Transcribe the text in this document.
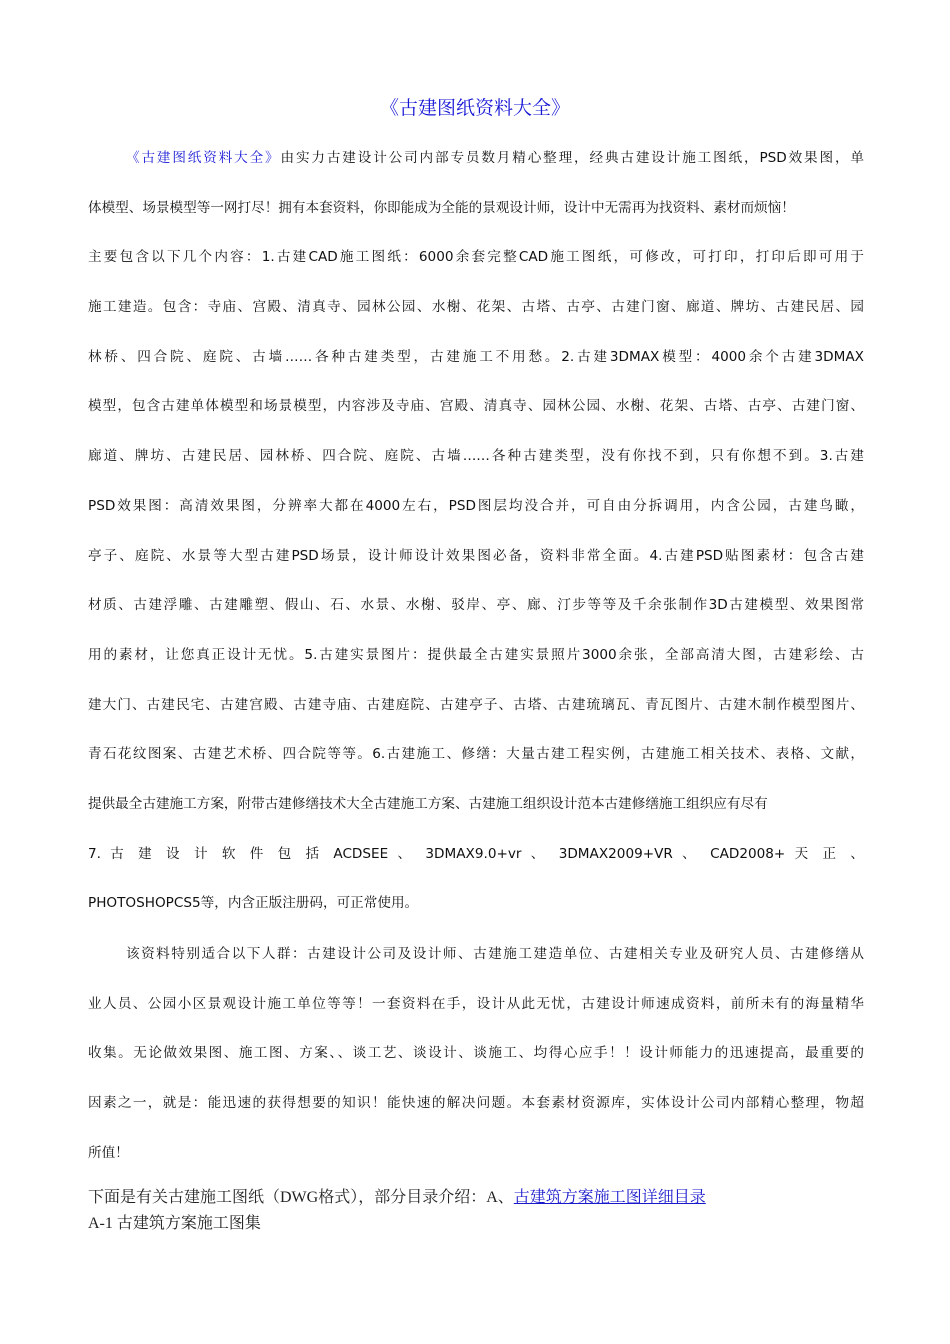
《古建图纸资料大全》
《古建图纸资料大全》由实力古建设计公司内部专员数月精心整理，经典古建设计施工图纸，PSD效果图，单
体模型、场景模型等一网打尽！拥有本套资料，你即能成为全能的景观设计师，设计中无需再为找资料、素材而烦恼！
主要包含以下几个内容：1.古建CAD施工图纸：6000余套完整CAD施工图纸，可修改，可打印，打印后即可用于
施工建造。包含：寺庙、宫殿、清真寺、园林公园、水榭、花架、古塔、古亭、古建门窗、廊道、牌坊、古建民居、园
林桥、四合院、庭院、古墙……各种古建类型，古建施工不用愁。2.古建3DMAX模型：4000余个古建3DMAX
模型，包含古建单体模型和场景模型，内容涉及寺庙、宫殿、清真寺、园林公园、水榭、花架、古塔、古亭、古建门窗、
廊道、牌坊、古建民居、园林桥、四合院、庭院、古墙……各种古建类型，没有你找不到，只有你想不到。3.古建
PSD效果图：高清效果图，分辨率大都在4000左右，PSD图层均没合并，可自由分拆调用，内含公园，古建鸟瞰，
亭子、庭院、水景等大型古建PSD场景，设计师设计效果图必备，资料非常全面。4.古建PSD贴图素材：包含古建
材质、古建浮雕、古建雕塑、假山、石、水景、水榭、驳岸、亭、廊、汀步等等及千余张制作3D古建模型、效果图常
用的素材，让您真正设计无忧。5.古建实景图片：提供最全古建实景照片3000余张，全部高清大图，古建彩绘、古
建大门、古建民宅、古建宫殿、古建寺庙、古建庭院、古建亭子、古塔、古建琉璃瓦、青瓦图片、古建木制作模型图片、
青石花纹图案、古建艺术桥、四合院等等。6.古建施工、修缮：大量古建工程实例，古建施工相关技术、表格、文献，
提供最全古建施工方案，附带古建修缮技术大全古建施工方案、古建施工组织设计范本古建修缮施工组织应有尽有
7. 古 建 设 计 软 件 包 括 ACDSEE 、 3DMAX9.0+vr 、 3DMAX2009+VR 、 CAD2008+ 天 正 、
PHOTOSHOPCS5等，内含正版注册码，可正常使用。
该资料特别适合以下人群：古建设计公司及设计师、古建施工建造单位、古建相关专业及研究人员、古建修缮从
业人员、公园小区景观设计施工单位等等！一套资料在手，设计从此无忧，古建设计师速成资料，前所未有的海量精华
收集。无论做效果图、施工图、方案、、谈工艺、谈设计、谈施工、均得心应手！！设计师能力的迅速提高，最重要的
因素之一，就是：能迅速的获得想要的知识！能快速的解决问题。本套素材资源库，实体设计公司内部精心整理，物超
所值！
下面是有关古建施工图纸（DWG格式），部分目录介绍：A、古建筑方案施工图详细目录
A-1 古建筑方案施工图集
